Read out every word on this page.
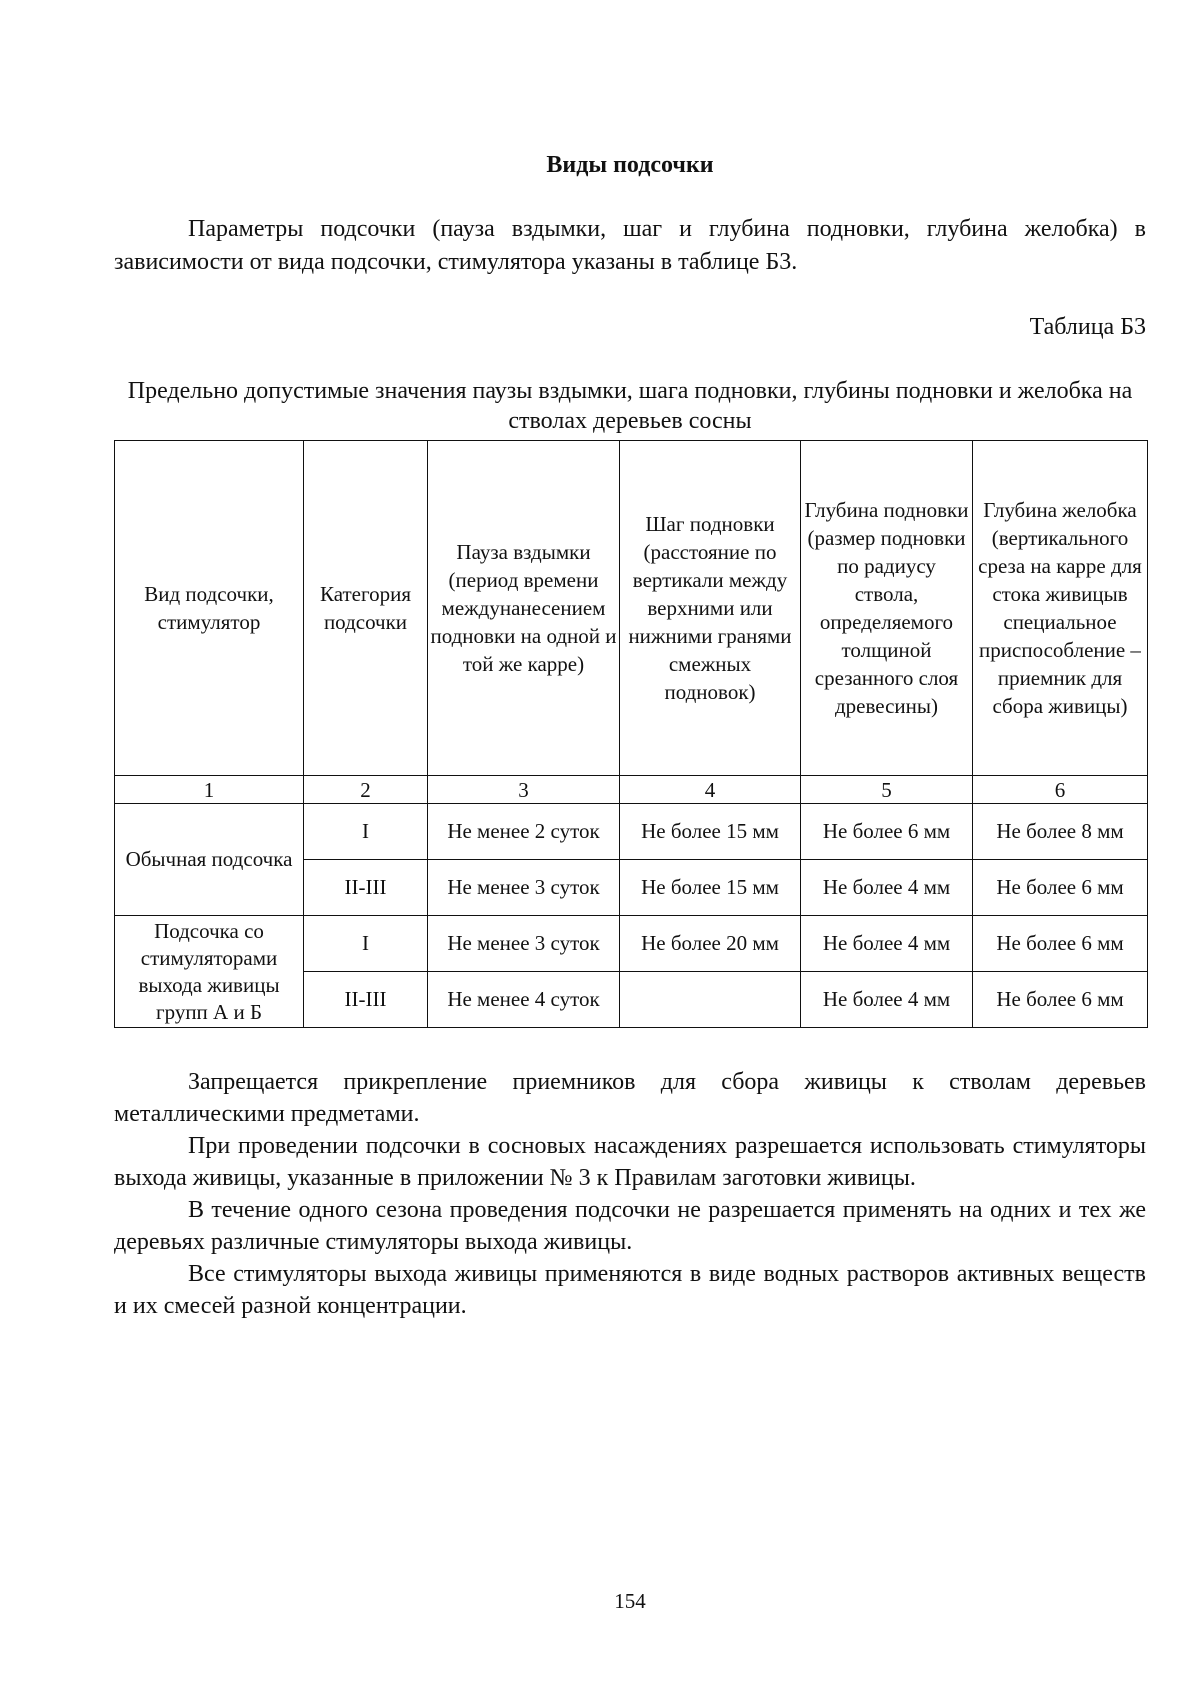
Виды подсочки

Параметры подсочки (пауза вздымки, шаг и глубина подновки, глубина желобка) в зависимости от вида подсочки, стимулятора указаны в таблице Б3.

Таблица Б3
Предельно допустимые значения паузы вздымки, шага подновки, глубины подновки и желобка на стволах деревьев сосны
Вид подсочки, стимулятор	Категория подсочки	Пауза вздымки (период времени междунанесением подновки на одной и той же карре)	Шаг подновки (расстояние по вертикали между верхними или нижними гранями смежных подновок)	Глубина подновки (размер подновки по радиусу ствола, определяемого толщиной срезанного слоя древесины)	Глубина желобка (вертикального среза на карре для стока живицыв специальное приспособление – приемник для сбора живицы)
1	2	3	4	5	6
Обычная подсочка	I	Не менее 2 суток	Не более 15 мм	Не более 6 мм	Не более 8 мм
	II-III	Не менее 3 суток	Не более 15 мм	Не более 4 мм	Не более 6 мм
Подсочка со стимуляторами выхода живицы групп А и Б	I	Не менее 3 суток	Не более 20 мм	Не более 4 мм	Не более 6 мм
	II-III	Не менее 4 суток		Не более 4 мм	Не более 6 мм

Запрещается прикрепление приемников для сбора живицы к стволам деревьев металлическими предметами.

При проведении подсочки в сосновых насаждениях разрешается использовать стимуляторы выхода живицы, указанные в приложении № 3 к Правилам заготовки живицы.

В течение одного сезона проведения подсочки не разрешается применять на одних и тех же деревьях различные стимуляторы выхода живицы.

Все стимуляторы выхода живицы применяются в виде водных растворов активных веществ и их смесей разной концентрации.

154
